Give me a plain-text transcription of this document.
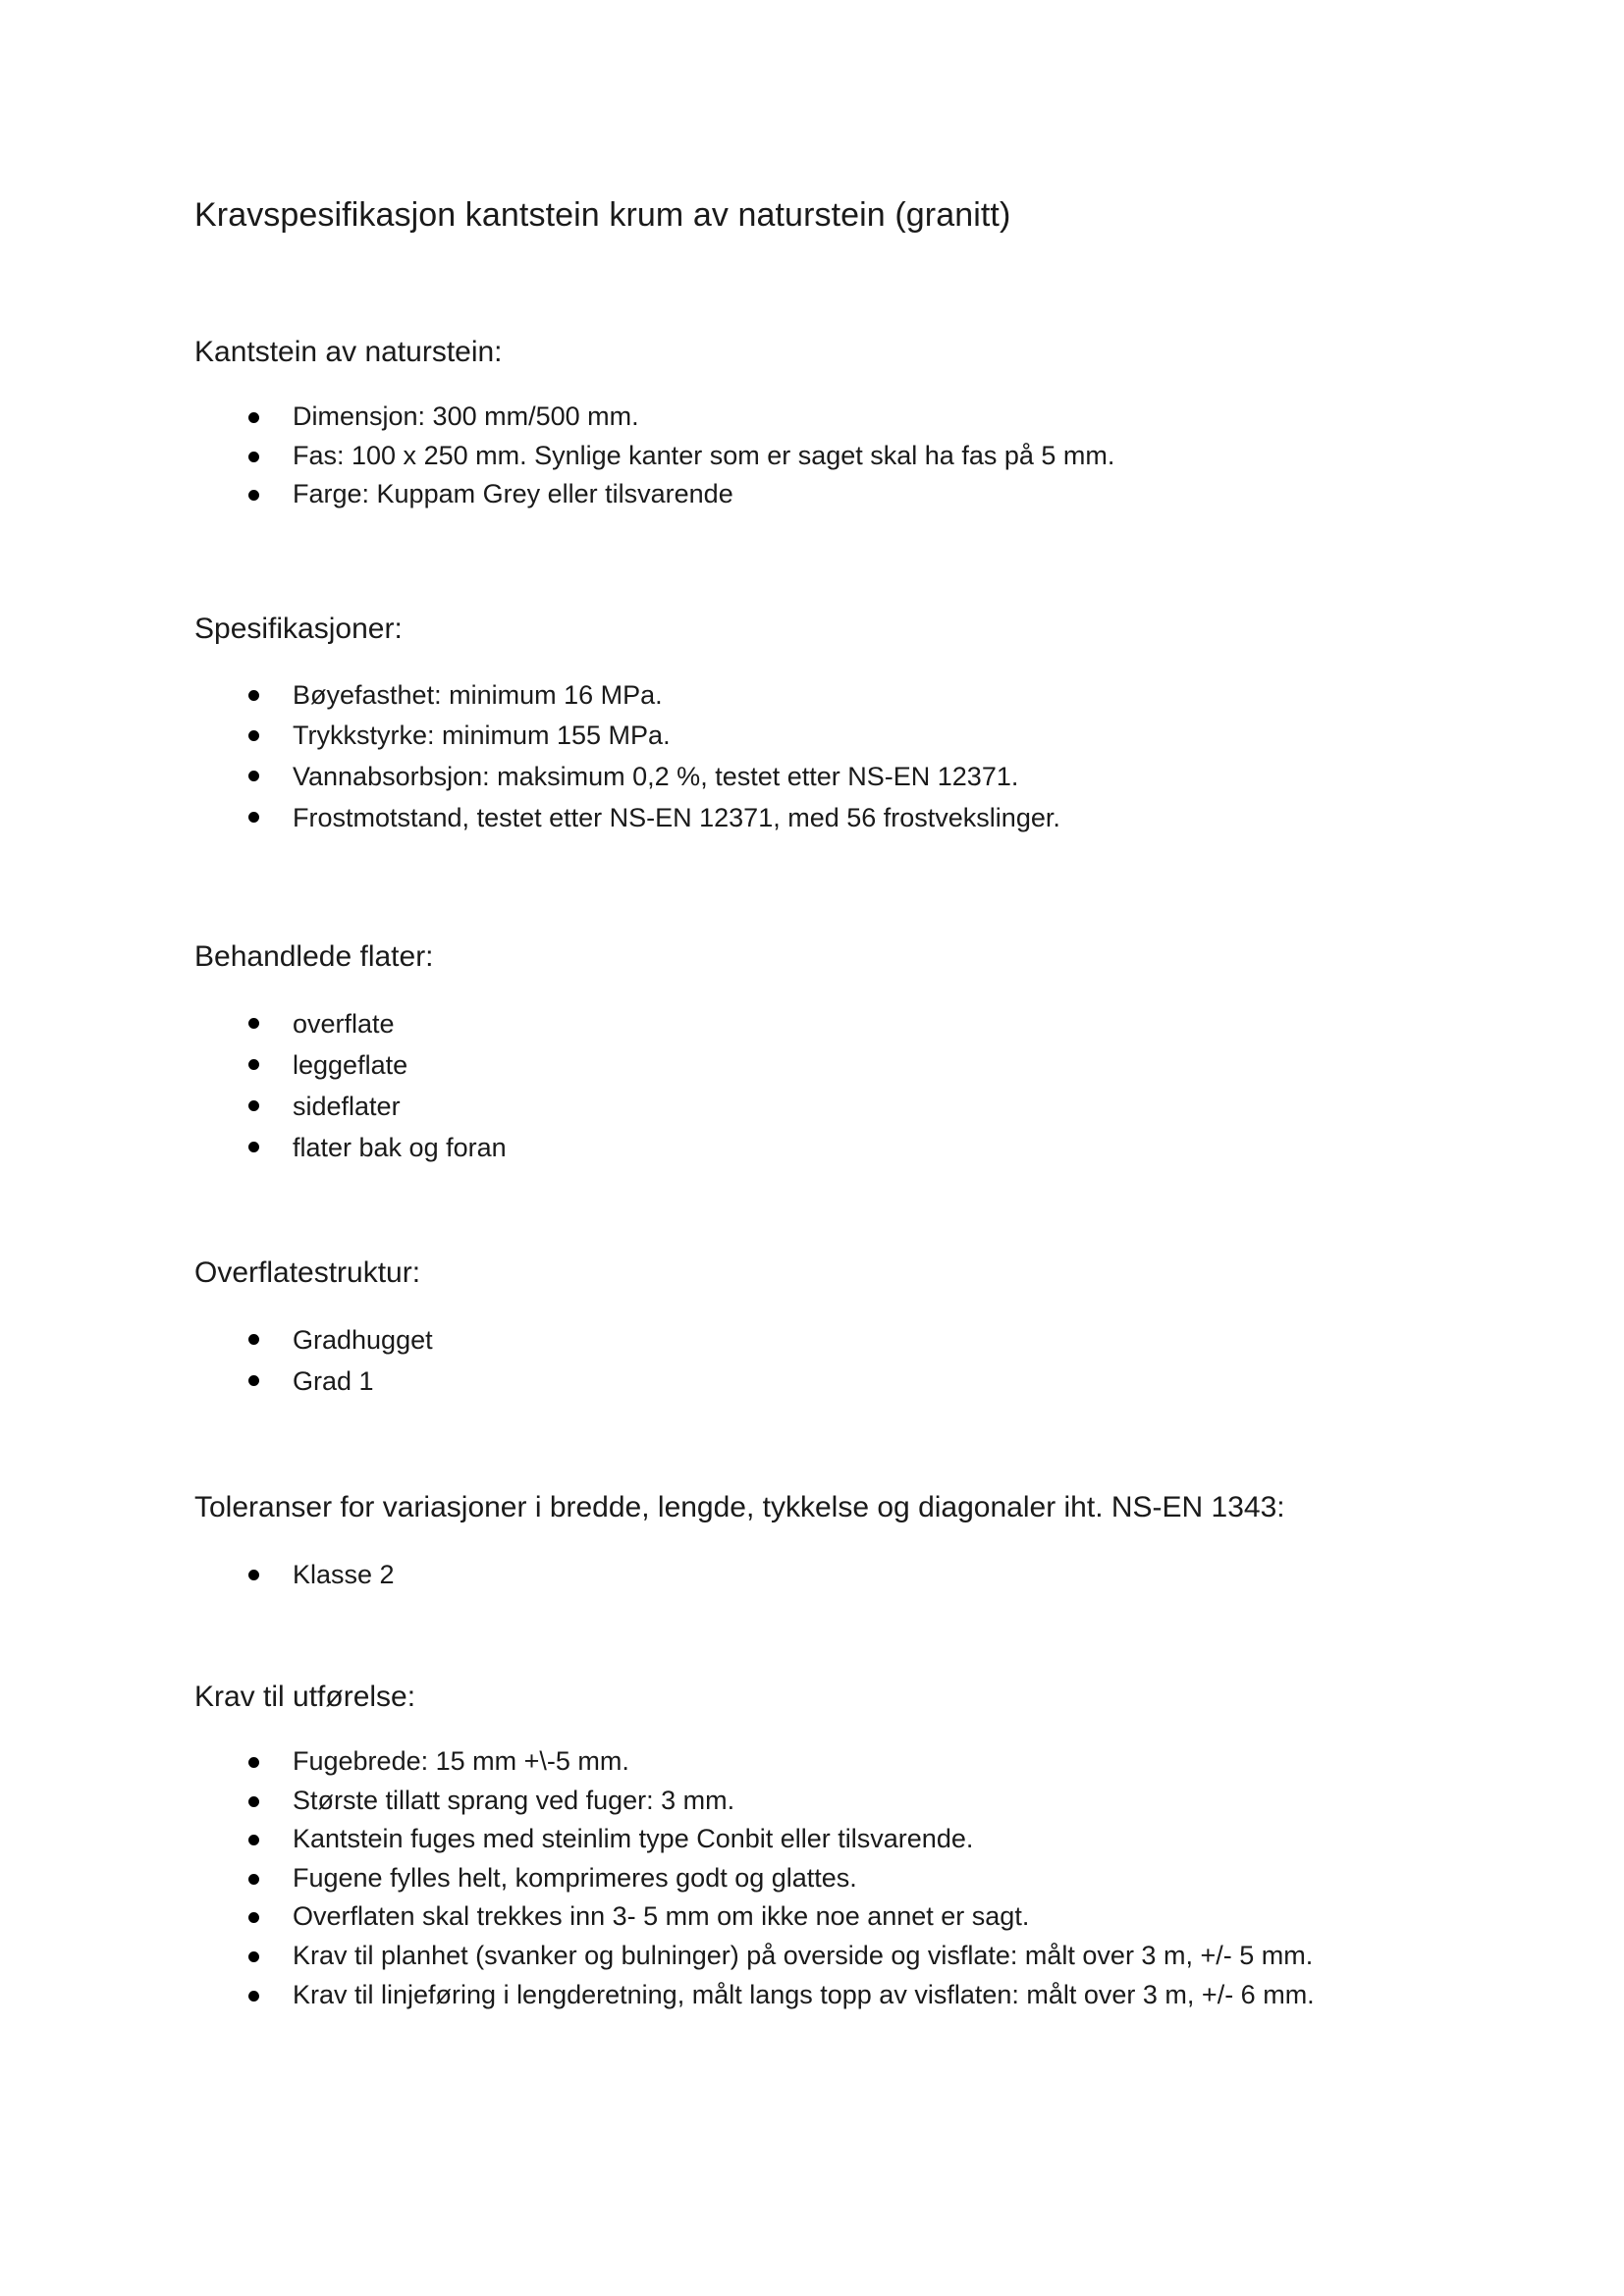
Kravspesifikasjon kantstein krum av naturstein (granitt)
Kantstein av naturstein:
Dimensjon: 300 mm/500 mm.
Fas: 100 x 250 mm. Synlige kanter som er saget skal ha fas på 5 mm.
Farge: Kuppam Grey eller tilsvarende
Spesifikasjoner:
Bøyefasthet: minimum 16 MPa.
Trykkstyrke: minimum 155 MPa.
Vannabsorbsjon: maksimum 0,2 %, testet etter NS-EN 12371.
Frostmotstand, testet etter NS-EN 12371, med 56 frostvekslinger.
Behandlede flater:
overflate
leggeflate
sideflater
flater bak og foran
Overflatestruktur:
Gradhugget
Grad 1
Toleranser for variasjoner i bredde, lengde, tykkelse og diagonaler iht. NS-EN 1343:
Klasse 2
Krav til utførelse:
Fugebrede: 15 mm +\-5 mm.
Største tillatt sprang ved fuger: 3 mm.
Kantstein fuges med steinlim type Conbit eller tilsvarende.
Fugene fylles helt, komprimeres godt og glattes.
Overflaten skal trekkes inn 3- 5 mm om ikke noe annet er sagt.
Krav til planhet (svanker og bulninger) på overside og visflate: målt over 3 m, +/- 5 mm.
Krav til linjeføring i lengderetning, målt langs topp av visflaten: målt over 3 m, +/- 6 mm.
